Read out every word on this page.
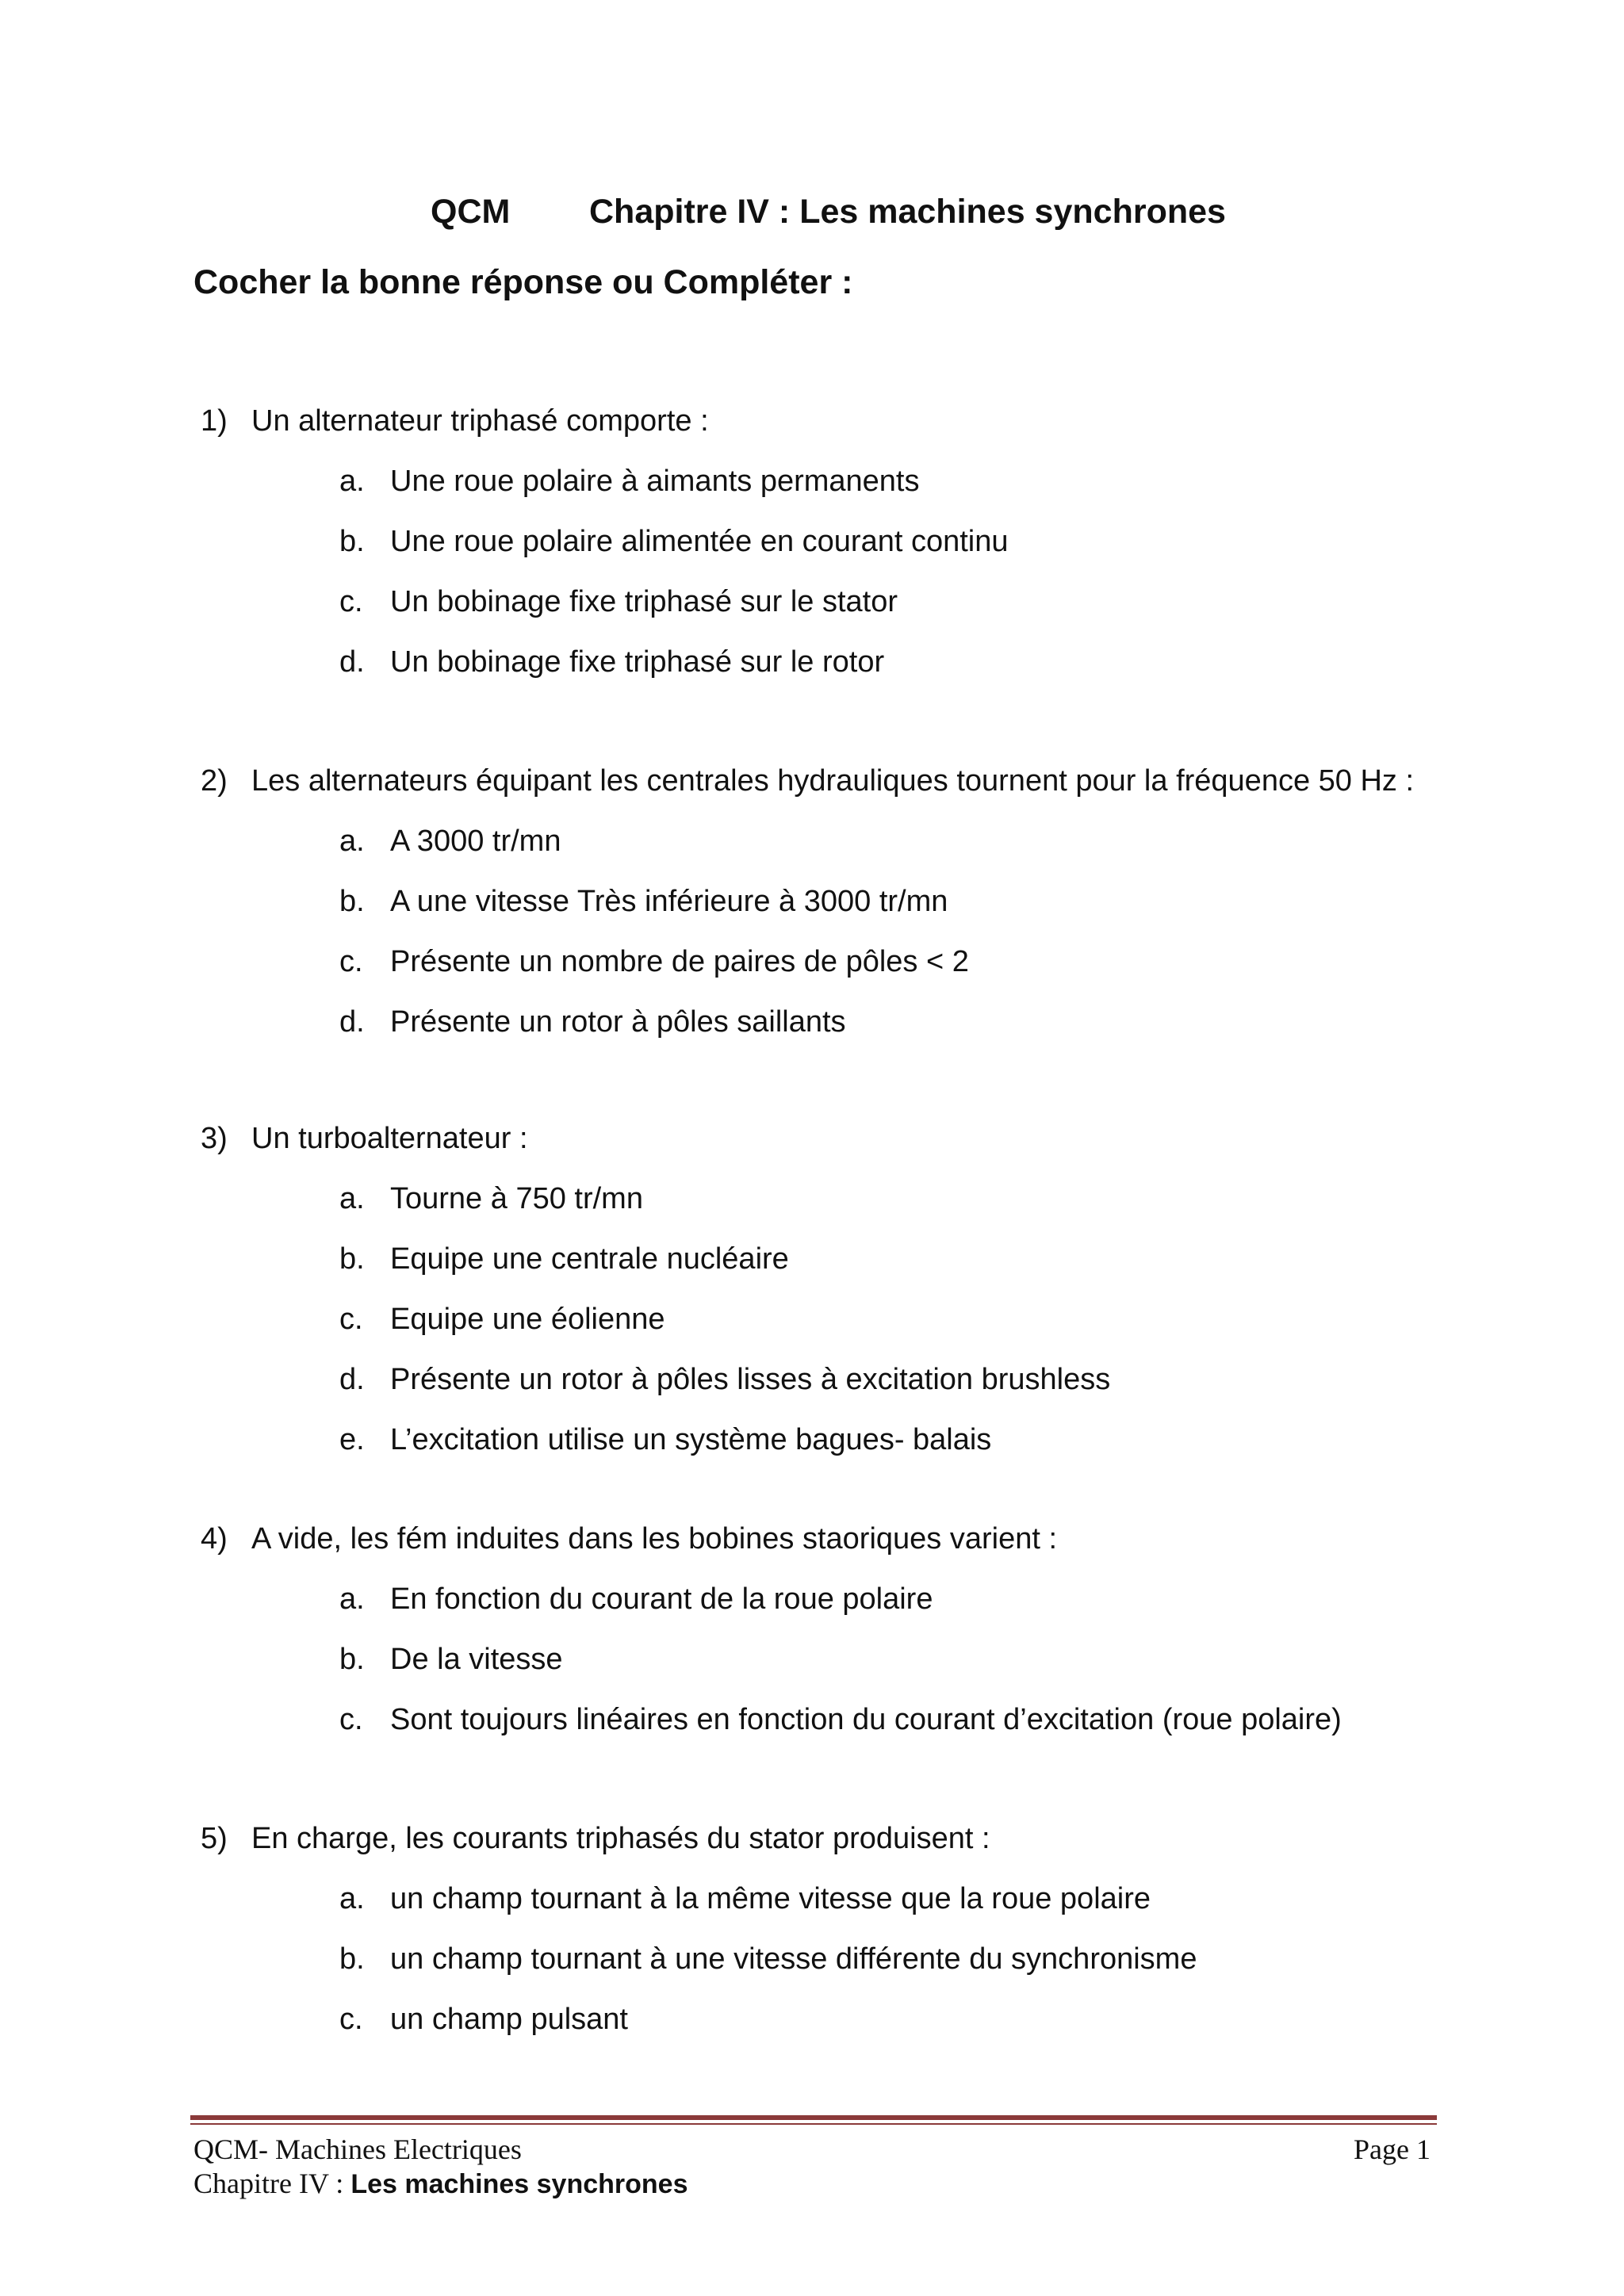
QCM Chapitre IV : Les machines synchrones
Cocher la bonne réponse ou Compléter :
1) Un alternateur triphasé comporte :
a. Une roue polaire à aimants permanents
b. Une roue polaire alimentée en courant continu
c. Un bobinage fixe triphasé sur le stator
d. Un bobinage fixe triphasé sur le rotor
2) Les alternateurs équipant les centrales hydrauliques tournent pour la fréquence 50 Hz :
a. A 3000 tr/mn
b. A une vitesse Très inférieure à 3000 tr/mn
c. Présente un nombre de paires de pôles < 2
d. Présente un rotor à pôles saillants
3) Un turboalternateur :
a. Tourne à 750 tr/mn
b. Equipe une centrale nucléaire
c. Equipe une éolienne
d. Présente un rotor à pôles lisses à excitation brushless
e. L’excitation utilise un système bagues- balais
4) A vide, les fém induites dans les bobines staoriques varient :
a. En fonction du courant de la roue polaire
b. De la vitesse
c. Sont toujours linéaires en fonction du courant d’excitation (roue polaire)
5) En charge, les courants triphasés du stator produisent :
a. un champ tournant à la même vitesse que la roue polaire
b. un champ tournant à une vitesse différente du synchronisme
c. un champ pulsant
QCM- Machines Electriques
Chapitre IV : Les machines synchrones
Page 1
